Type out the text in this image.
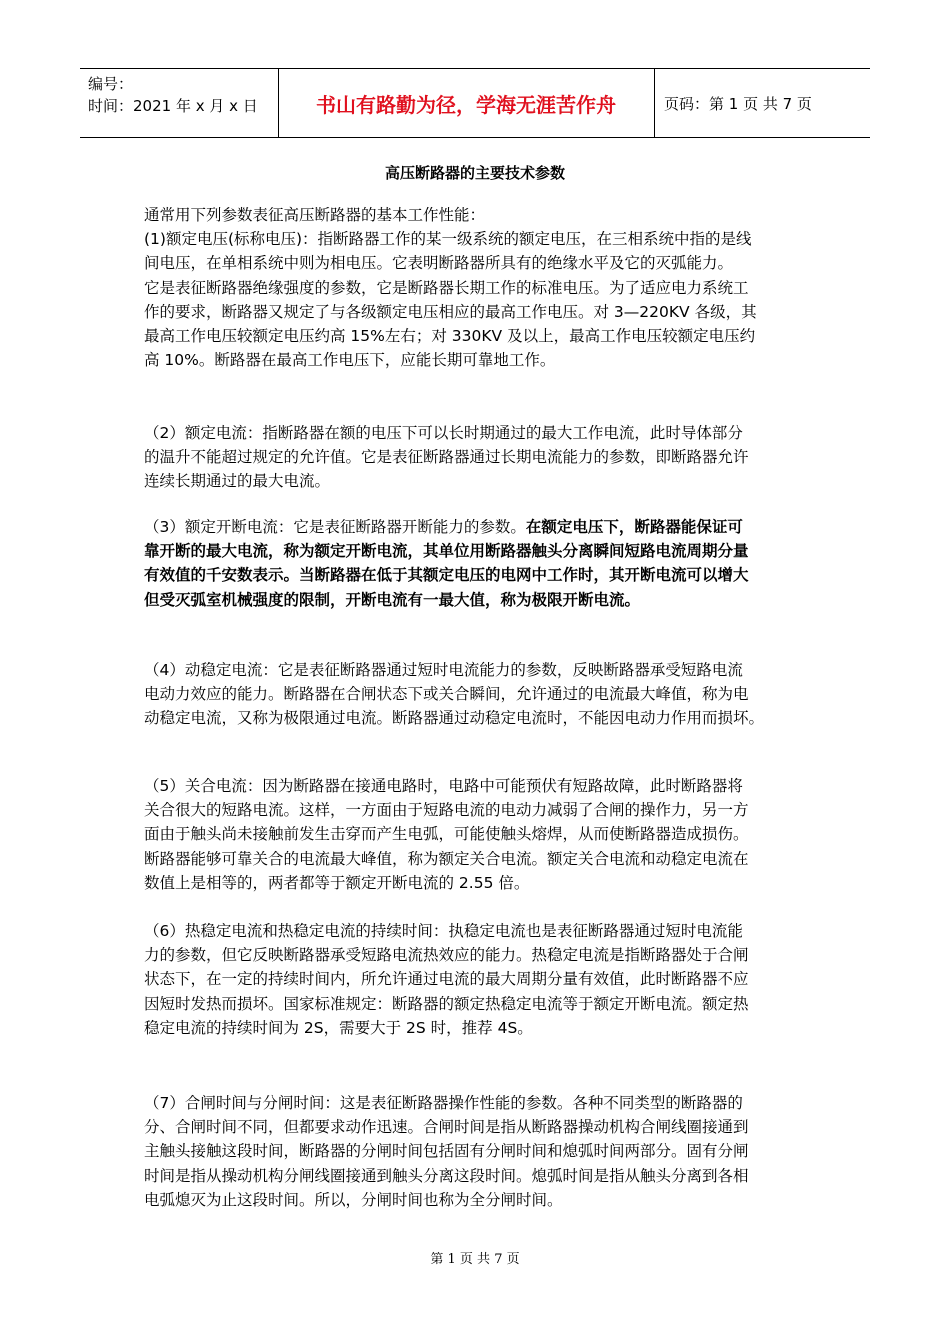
编号：
时间：2021 年 x 月 x 日	书山有路勤为径，学海无涯苦作舟	页码：第 1 页 共 7 页
高压断路器的主要技术参数
通常用下列参数表征高压断路器的基本工作性能：
(1)额定电压(标称电压)：指断路器工作的某一级系统的额定电压，在三相系统中指的是线
间电压，在单相系统中则为相电压。它表明断路器所具有的绝缘水平及它的灭弧能力。
它是表征断路器绝缘强度的参数，它是断路器长期工作的标准电压。为了适应电力系统工
作的要求，断路器又规定了与各级额定电压相应的最高工作电压。对 3—220KV 各级，其
最高工作电压较额定电压约高 15%左右；对 330KV 及以上，最高工作电压较额定电压约
高 10%。断路器在最高工作电压下，应能长期可靠地工作。
（2）额定电流：指断路器在额的电压下可以长时期通过的最大工作电流，此时导体部分
的温升不能超过规定的允许值。它是表征断路器通过长期电流能力的参数，即断路器允许
连续长期通过的最大电流。
（3）额定开断电流：它是表征断路器开断能力的参数。在额定电压下，断路器能保证可
靠开断的最大电流，称为额定开断电流，其单位用断路器触头分离瞬间短路电流周期分量
有效值的千安数表示。当断路器在低于其额定电压的电网中工作时，其开断电流可以增大
但受灭弧室机械强度的限制，开断电流有一最大值，称为极限开断电流。
（4）动稳定电流：它是表征断路器通过短时电流能力的参数，反映断路器承受短路电流
电动力效应的能力。断路器在合闸状态下或关合瞬间，允许通过的电流最大峰值，称为电
动稳定电流，又称为极限通过电流。断路器通过动稳定电流时，不能因电动力作用而损坏。
（5）关合电流：因为断路器在接通电路时，电路中可能预伏有短路故障，此时断路器将
关合很大的短路电流。这样，一方面由于短路电流的电动力减弱了合闸的操作力，另一方
面由于触头尚未接触前发生击穿而产生电弧，可能使触头熔焊，从而使断路器造成损伤。
断路器能够可靠关合的电流最大峰值，称为额定关合电流。额定关合电流和动稳定电流在
数值上是相等的，两者都等于额定开断电流的 2.55 倍。
（6）热稳定电流和热稳定电流的持续时间：执稳定电流也是表征断路器通过短时电流能
力的参数，但它反映断路器承受短路电流热效应的能力。热稳定电流是指断路器处于合闸
状态下，在一定的持续时间内，所允许通过电流的最大周期分量有效值，此时断路器不应
因短时发热而损坏。国家标准规定：断路器的额定热稳定电流等于额定开断电流。额定热
稳定电流的持续时间为 2S，需要大于 2S 时，推荐 4S。
（7）合闸时间与分闸时间：这是表征断路器操作性能的参数。各种不同类型的断路器的
分、合闸时间不同，但都要求动作迅速。合闸时间是指从断路器操动机构合闸线圈接通到
主触头接触这段时间，断路器的分闸时间包括固有分闸时间和熄弧时间两部分。固有分闸
时间是指从操动机构分闸线圈接通到触头分离这段时间。熄弧时间是指从触头分离到各相
电弧熄灭为止这段时间。所以，分闸时间也称为全分闸时间。
第 1 页 共 7 页
